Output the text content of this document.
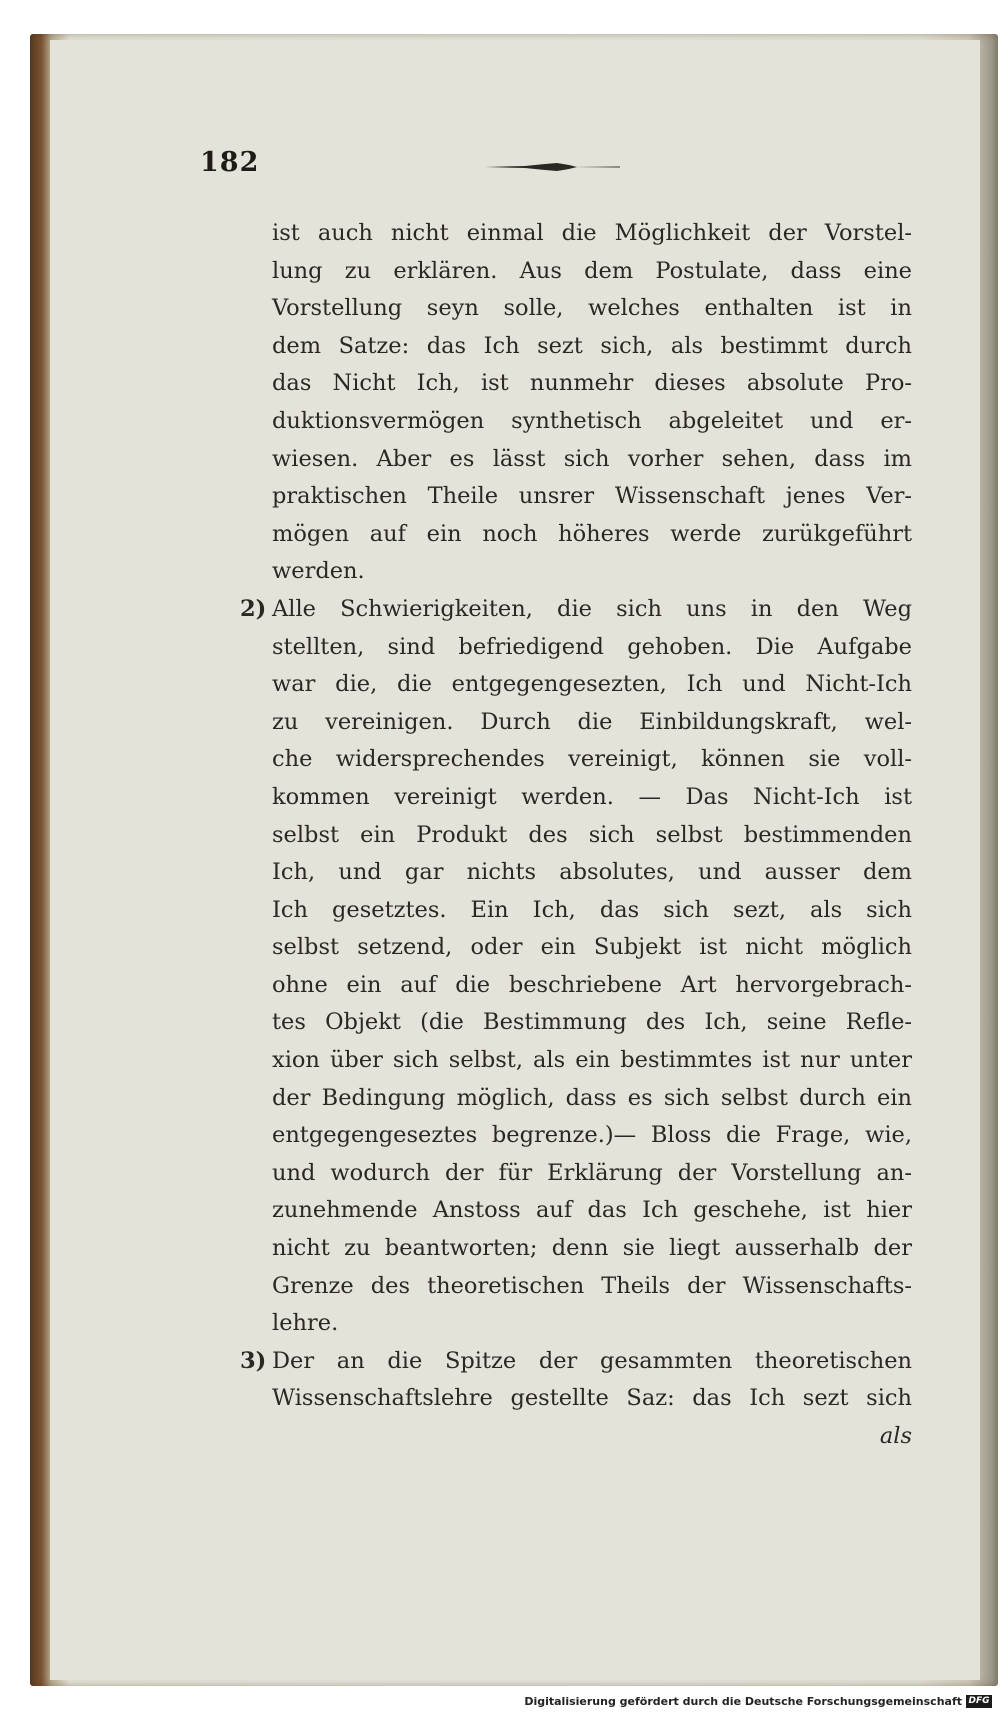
182
ist auch nicht einmal die Möglichkeit der Vorstel-
lung zu erklären. Aus dem Postulate, dass eine
Vorstellung seyn solle, welches enthalten ist in
dem Satze: das Ich sezt sich, als bestimmt durch
das Nicht Ich, ist nunmehr dieses absolute Pro-
duktionsvermögen synthetisch abgeleitet und er-
wiesen. Aber es lässt sich vorher sehen, dass im
praktischen Theile unsrer Wissenschaft jenes Ver-
mögen auf ein noch höheres werde zurükgeführt
werden.
2) Alle Schwierigkeiten, die sich uns in den Weg
stellten, sind befriedigend gehoben. Die Aufgabe
war die, die entgegengesezten, Ich und Nicht-Ich
zu vereinigen. Durch die Einbildungskraft, wel-
che widersprechendes vereinigt, können sie voll-
kommen vereinigt werden. — Das Nicht-Ich ist
selbst ein Produkt des sich selbst bestimmenden
Ich, und gar nichts absolutes, und ausser dem
Ich gesetztes. Ein Ich, das sich sezt, als sich
selbst setzend, oder ein Subjekt ist nicht möglich
ohne ein auf die beschriebene Art hervorgebrach-
tes Objekt (die Bestimmung des Ich, seine Refle-
xion über sich selbst, als ein bestimmtes ist nur unter
der Bedingung möglich, dass es sich selbst durch ein
entgegengeseztes begrenze.)— Bloss die Frage, wie,
und wodurch der für Erklärung der Vorstellung an-
zunehmende Anstoss auf das Ich geschehe, ist hier
nicht zu beantworten; denn sie liegt ausserhalb der
Grenze des theoretischen Theils der Wissenschafts-
lehre.
3) Der an die Spitze der gesammten theoretischen
Wissenschaftslehre gestellte Saz: das Ich sezt sich
als
Digitalisierung gefördert durch die Deutsche Forschungsgemeinschaft DFG
